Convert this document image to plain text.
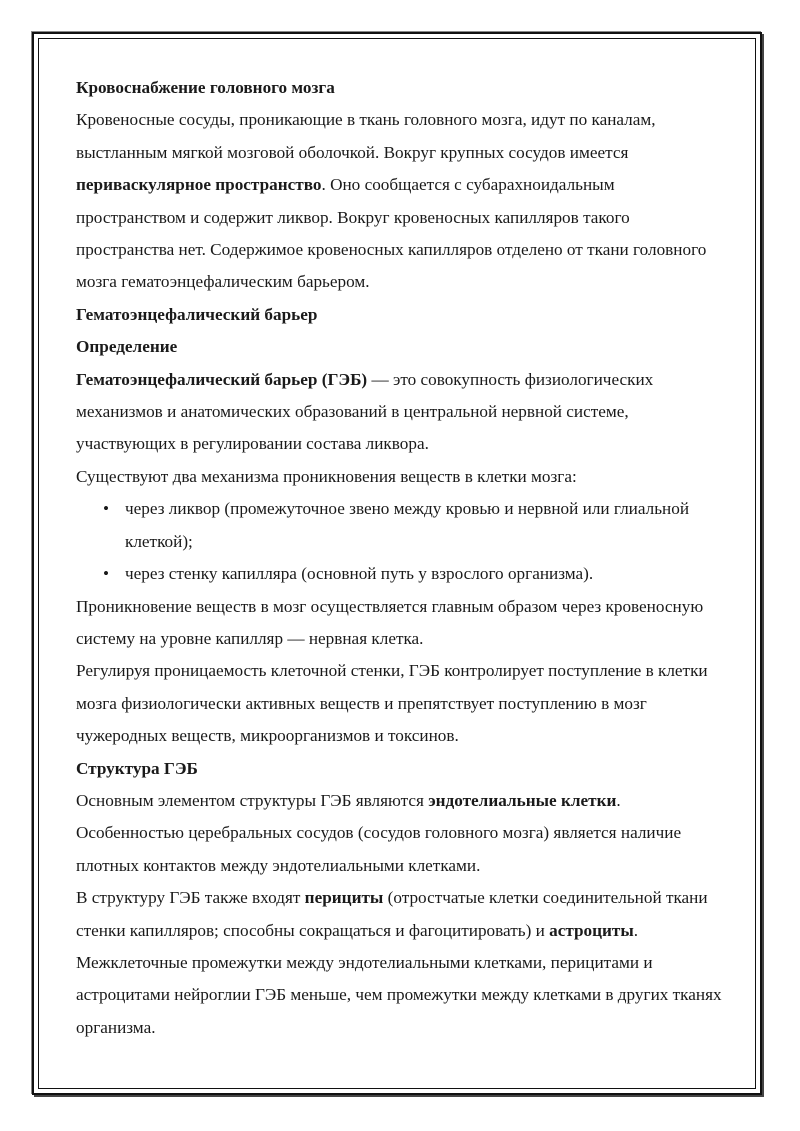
Кровоснабжение головного мозга

Кровеносные сосуды, проникающие в ткань головного мозга, идут по каналам, выстланным мягкой мозговой оболочкой. Вокруг крупных сосудов имеется периваскулярное пространство. Оно сообщается с субарахноидальным пространством и содержит ликвор. Вокруг кровеносных капилляров такого пространства нет. Содержимое кровеносных капилляров отделено от ткани головного мозга гематоэнцефалическим барьером.

Гематоэнцефалический барьер
Определение

Гематоэнцефалический барьер (ГЭБ) — это совокупность физиологических механизмов и анатомических образований в центральной нервной системе, участвующих в регулировании состава ликвора.

Существуют два механизма проникновения веществ в клетки мозга:

• через ликвор (промежуточное звено между кровью и нервной или глиальной клеткой);
• через стенку капилляра (основной путь у взрослого организма).

Проникновение веществ в мозг осуществляется главным образом через кровеносную систему на уровне капилляр — нервная клетка.

Регулируя проницаемость клеточной стенки, ГЭБ контролирует поступление в клетки мозга физиологически активных веществ и препятствует поступлению в мозг чужеродных веществ, микроорганизмов и токсинов.

Структура ГЭБ

Основным элементом структуры ГЭБ являются эндотелиальные клетки.

Особенностью церебральных сосудов (сосудов головного мозга) является наличие плотных контактов между эндотелиальными клетками.

В структуру ГЭБ также входят перициты (отростчатые клетки соединительной ткани стенки капилляров; способны сокращаться и фагоцитировать) и астроциты. Межклеточные промежутки между эндотелиальными клетками, перицитами и астроцитами нейроглии ГЭБ меньше, чем промежутки между клетками в других тканях организма.
